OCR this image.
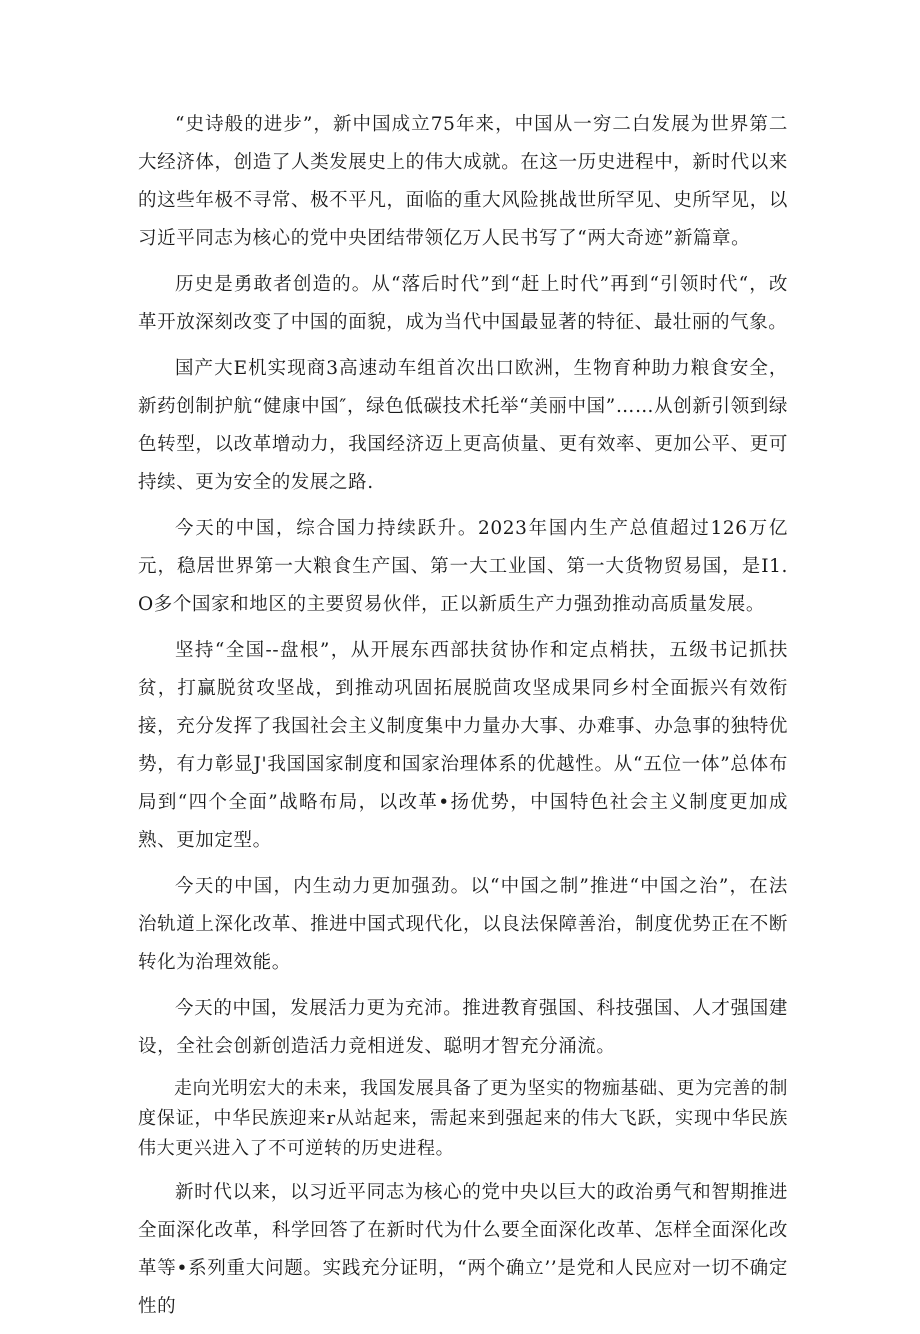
“史诗般的进步”，新中国成立75年来，中国从一穷二白发展为世界第二大经济体，创造了人类发展史上的伟大成就。在这一历史进程中，新时代以来的这些年极不寻常、极不平凡，面临的重大风险挑战世所罕见、史所罕见，以习近平同志为核心的党中央团结带领亿万人民书写了“两大奇迹”新篇章。

历史是勇敢者创造的。从“落后时代”到“赶上时代”再到“引领时代“，改革开放深刻改变了中国的面貌，成为当代中国最显著的特征、最壮丽的气象。

国产大E机实现商3高速动车组首次出口欧洲，生物育种助力粮食安全，新药创制护航“健康中国″，绿色低碳技术托举“美丽中国”……从创新引领到绿色转型，以改革增动力，我国经济迈上更高侦量、更有效率、更加公平、更可持续、更为安全的发展之路.

今天的中国，综合国力持续跃升。2023年国内生产总值超过126万亿元，稳居世界第一大粮食生产国、第一大工业国、第一大货物贸易国，是I1.O多个国家和地区的主要贸易伙伴，正以新质生产力强劲推动高质量发展。

坚持“全国--盘根”，从开展东西部扶贫协作和定点梢扶，五级书记抓扶贫，打赢脱贫攻坚战，到推动巩固拓展脱茴攻坚成果同乡村全面振兴有效衔接，充分发挥了我国社会主义制度集中力量办大事、办难事、办急事的独特优势，有力彰显J'我国国家制度和国家治理体系的优越性。从“五位一体”总体布局到“四个全面”战略布局，以改革•扬优势，中国特色社会主义制度更加成熟、更加定型。

今天的中国，内生动力更加强劲。以“中国之制”推进“中国之治”，在法治轨道上深化改革、推进中国式现代化，以良法保障善治，制度优势正在不断转化为治理效能。

今天的中国，发展活力更为充沛。推进教育强国、科技强国、人才强国建设，全社会创新创造活力竞相迸发、聪明才智充分涌流。

走向光明宏大的未来，我国发展具备了更为坚实的物痂基础、更为完善的制度保证，中华民族迎来r从站起来，需起来到强起来的伟大飞跃，实现中华民族伟大更兴进入了不可逆转的历史进程。

新时代以来，以习近平同志为核心的党中央以巨大的政治勇气和智期推进全面深化改革，科学回答了在新时代为什么要全面深化改革、怎样全面深化改革等•系列重大问题。实践充分证明，“两个确立’’是党和人民应对一切不确定性的
